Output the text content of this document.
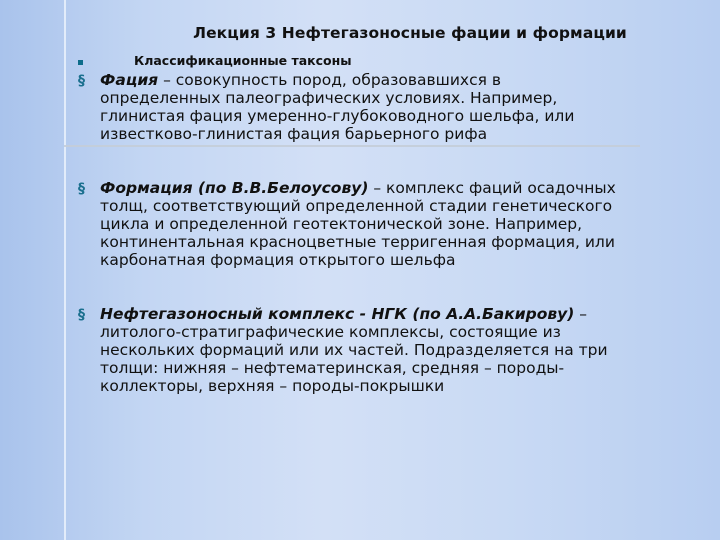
Лекция 3 Нефтегазоносные фации и формации
Классификационные таксоны
§ Фация – совокупность пород, образовавшихся в
определенных палеографических условиях. Например,
глинистая фация умеренно-глубоководного шельфа, или
известково-глинистая фация барьерного рифа
§ Формация (по В.В.Белоусову) – комплекс фаций осадочных
толщ, соответствующий определенной стадии генетического
цикла и определенной геотектонической зоне. Например,
континентальная красноцветные терригенная формация, или
карбонатная формация открытого шельфа
§ Нефтегазоносный комплекс - НГК (по А.А.Бакирову) –
литолого-стратиграфические комплексы, состоящие из
нескольких формаций или их частей. Подразделяется на три
толщи: нижняя – нефтематеринская, средняя – породы-
коллекторы, верхняя – породы-покрышки
